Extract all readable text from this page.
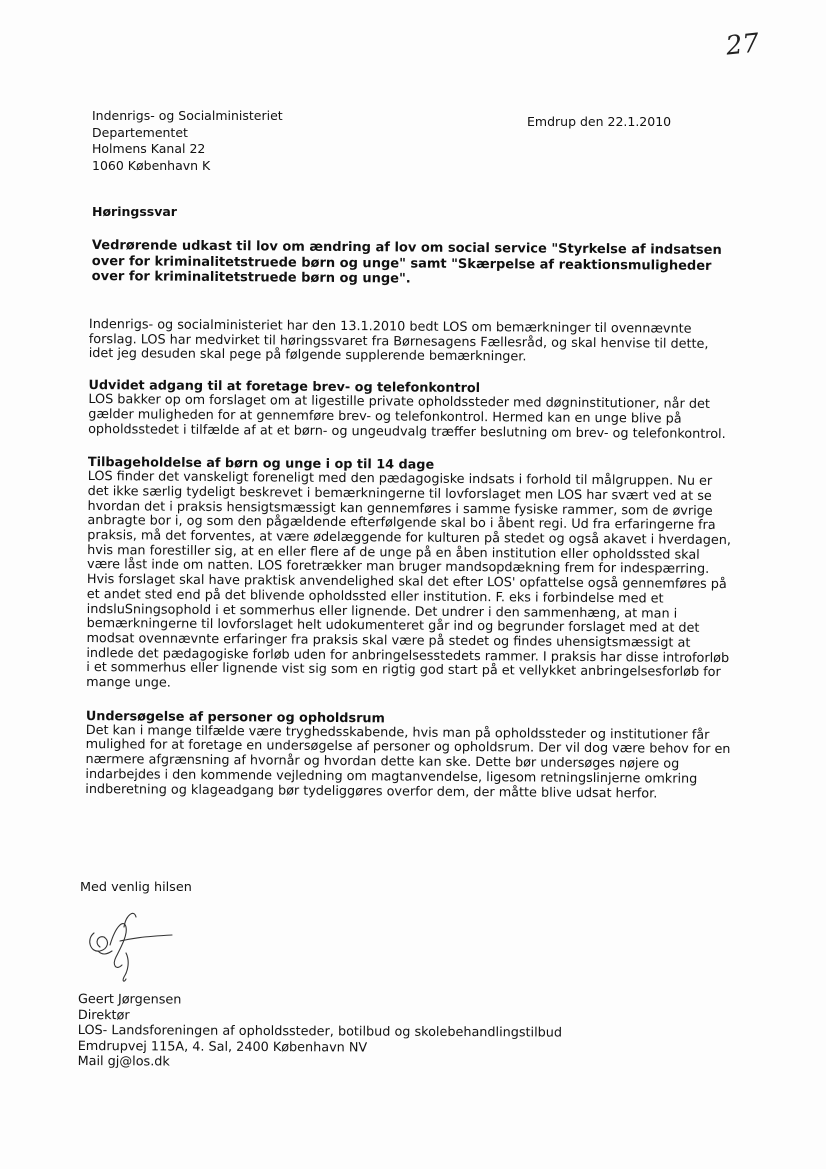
27
Indenrigs- og Socialministeriet
Departementet
Holmens Kanal 22
1060 København K
Emdrup den 22.1.2010
Høringssvar
Vedrørende udkast til lov om ændring af lov om social service "Styrkelse af indsatsen over for kriminalitetstruede børn og unge" samt "Skærpelse af reaktionsmuligheder over for kriminalitetstruede børn og unge".

Indenrigs- og socialministeriet har den 13.1.2010 bedt LOS om bemærkninger til ovennævnte forslag. LOS har medvirket til høringssvaret fra Børnesagens Fællesråd, og skal henvise til dette, idet jeg desuden skal pege på følgende supplerende bemærkninger.

Udvidet adgang til at foretage brev- og telefonkontrol

LOS bakker op om forslaget om at ligestille private opholdssteder med døgninstitutioner, når det gælder muligheden for at gennemføre brev- og telefonkontrol. Hermed kan en unge blive på opholdsstedet i tilfælde af at et børn- og ungeudvalg træffer beslutning om brev- og telefonkontrol.

Tilbageholdelse af børn og unge i op til 14 dage

LOS finder det vanskeligt foreneligt med den pædagogiske indsats i forhold til målgruppen. Nu er det ikke særlig tydeligt beskrevet i bemærkningerne til lovforslaget men LOS har svært ved at se hvordan det i praksis hensigtsmæssigt kan gennemføres i samme fysiske rammer, som de øvrige anbragte bor i, og som den pågældende efterfølgende skal bo i åbent regi. Ud fra erfaringerne fra praksis, må det forventes, at være ødelæggende for kulturen på stedet og også akavet i hverdagen, hvis man forestiller sig, at en eller flere af de unge på en åben institution eller opholdssted skal være låst inde om natten. LOS foretrækker man bruger mandsopdækning frem for indespærring. Hvis forslaget skal have praktisk anvendelighed skal det efter LOS' opfattelse også gennemføres på et andet sted end på det blivende opholdssted eller institution. F. eks i forbindelse med et indsluSningsophold i et sommerhus eller lignende. Det undrer i den sammenhæng, at man i bemærkningerne til lovforslaget helt udokumenteret går ind og begrunder forslaget med at det modsat ovennævnte erfaringer fra praksis skal være på stedet og findes uhensigtsmæssigt at indlede det pædagogiske forløb uden for anbringelsesstedets rammer. I praksis har disse introforløb i et sommerhus eller lignende vist sig som en rigtig god start på et vellykket anbringelsesforløb for mange unge.

Undersøgelse af personer og opholdsrum

Det kan i mange tilfælde være tryghedsskabende, hvis man på opholdssteder og institutioner får mulighed for at foretage en undersøgelse af personer og opholdsrum. Der vil dog være behov for en nærmere afgrænsning af hvornår og hvordan dette kan ske. Dette bør undersøges nøjere og indarbejdes i den kommende vejledning om magtanvendelse, ligesom retningslinjerne omkring indberetning og klageadgang bør tydeliggøres overfor dem, der måtte blive udsat herfor.

Med venlig hilsen
Geert Jørgensen
Direktør
LOS- Landsforeningen af opholdssteder, botilbud og skolebehandlingstilbud
Emdrupvej 115A, 4. Sal, 2400 København NV
Mail gj@los.dk
